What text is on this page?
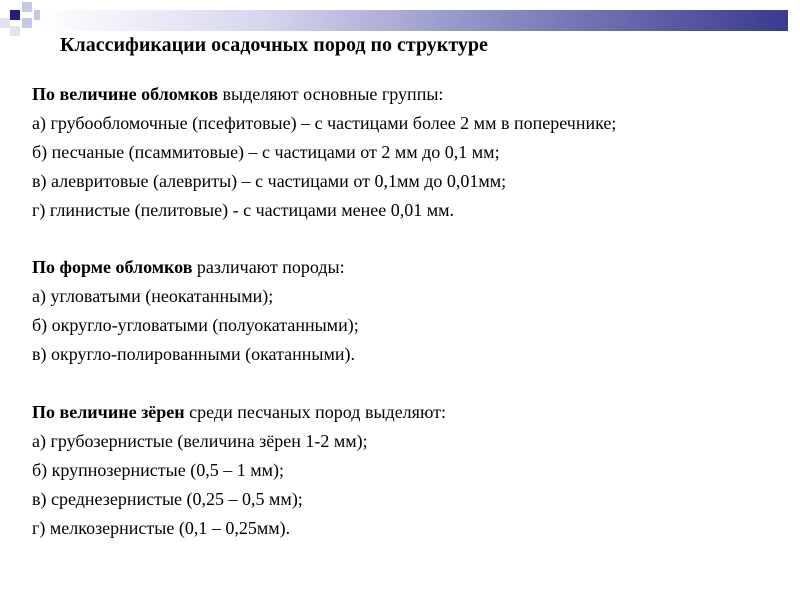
Классификации осадочных пород по структуре
По величине обломков выделяют основные группы:
а) грубообломочные (псефитовые) – с частицами более 2 мм в поперечнике;
б) песчаные (псаммитовые) – с частицами от 2 мм до 0,1 мм;
в) алевритовые (алевриты) – с частицами от 0,1мм до 0,01мм;
г) глинистые (пелитовые) - с частицами менее 0,01 мм.
По форме обломков различают породы:
а) угловатыми (неокатанными);
б) округло-угловатыми (полуокатанными);
в) округло-полированными (окатанными).
По величине зёрен среди песчаных пород выделяют:
а) грубозернистые (величина зёрен 1-2 мм);
б) крупнозернистые (0,5 – 1 мм);
в) среднезернистые (0,25 – 0,5 мм);
г) мелкозернистые (0,1 – 0,25мм).
